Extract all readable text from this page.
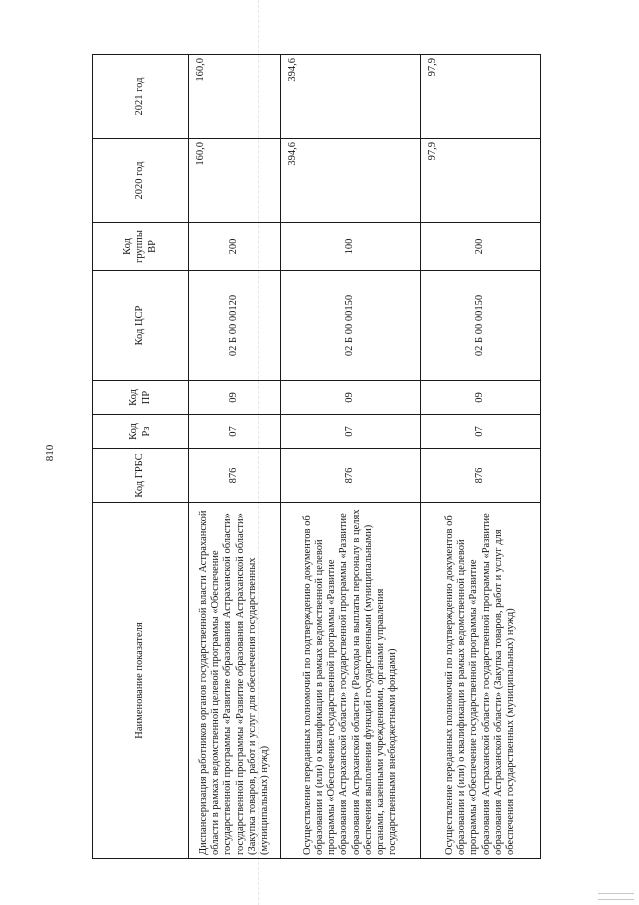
810
Наименование показателя	Код ГРБС	Код Рз	Код ПР	Код ЦСР	Код группы ВР	2020 год	2021 год
Диспансеризация работников органов государственной власти Астраханской области в рамках ведомственной целевой программы «Обеспечение государственной программы «Развитие образования Астраханской области» государственной программы «Развитие образования Астраханской области» (Закупка товаров, работ и услуг для обеспечения государственных (муниципальных) нужд)	876	07	09	02 Б 00 00120	200	160,0	160,0
Осуществление переданных полномочий по подтверждению документов об образовании и (или) о квалификации в рамках ведомственной целевой программы «Обеспечение государственной программы «Развитие образования Астраханской области» государственной программы «Развитие образования Астраханской области» (Расходы на выплаты персоналу в целях обеспечения выполнения функций государственными (муниципальными) органами, казенными учреждениями, органами управления государственными внебюджетными фондами)	876	07	09	02 Б 00 00150	100	394,6	394,6
Осуществление переданных полномочий по подтверждению документов об образовании и (или) о квалификации в рамках ведомственной целевой программы «Обеспечение государственной программы «Развитие образования Астраханской области» государственной программы «Развитие образования Астраханской области» (Закупка товаров, работ и услуг для обеспечения государственных (муниципальных) нужд)	876	07	09	02 Б 00 00150	200	97,9	97,9
